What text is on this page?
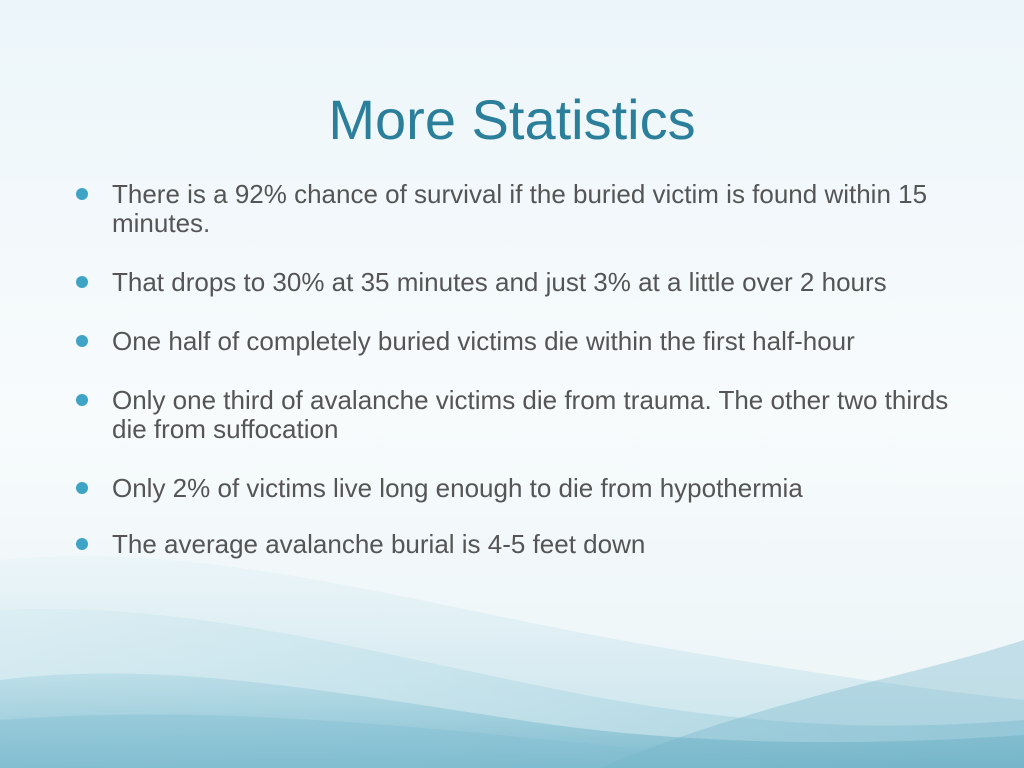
More Statistics
There is a 92% chance of survival if the buried victim is found within 15 minutes.
That drops to 30% at 35 minutes and just 3% at a little over 2 hours
One half of completely buried victims die within the first half-hour
Only one third of avalanche victims die from trauma. The other two thirds die from suffocation
Only 2% of victims live long enough to die from hypothermia
The average avalanche burial is 4-5 feet down
